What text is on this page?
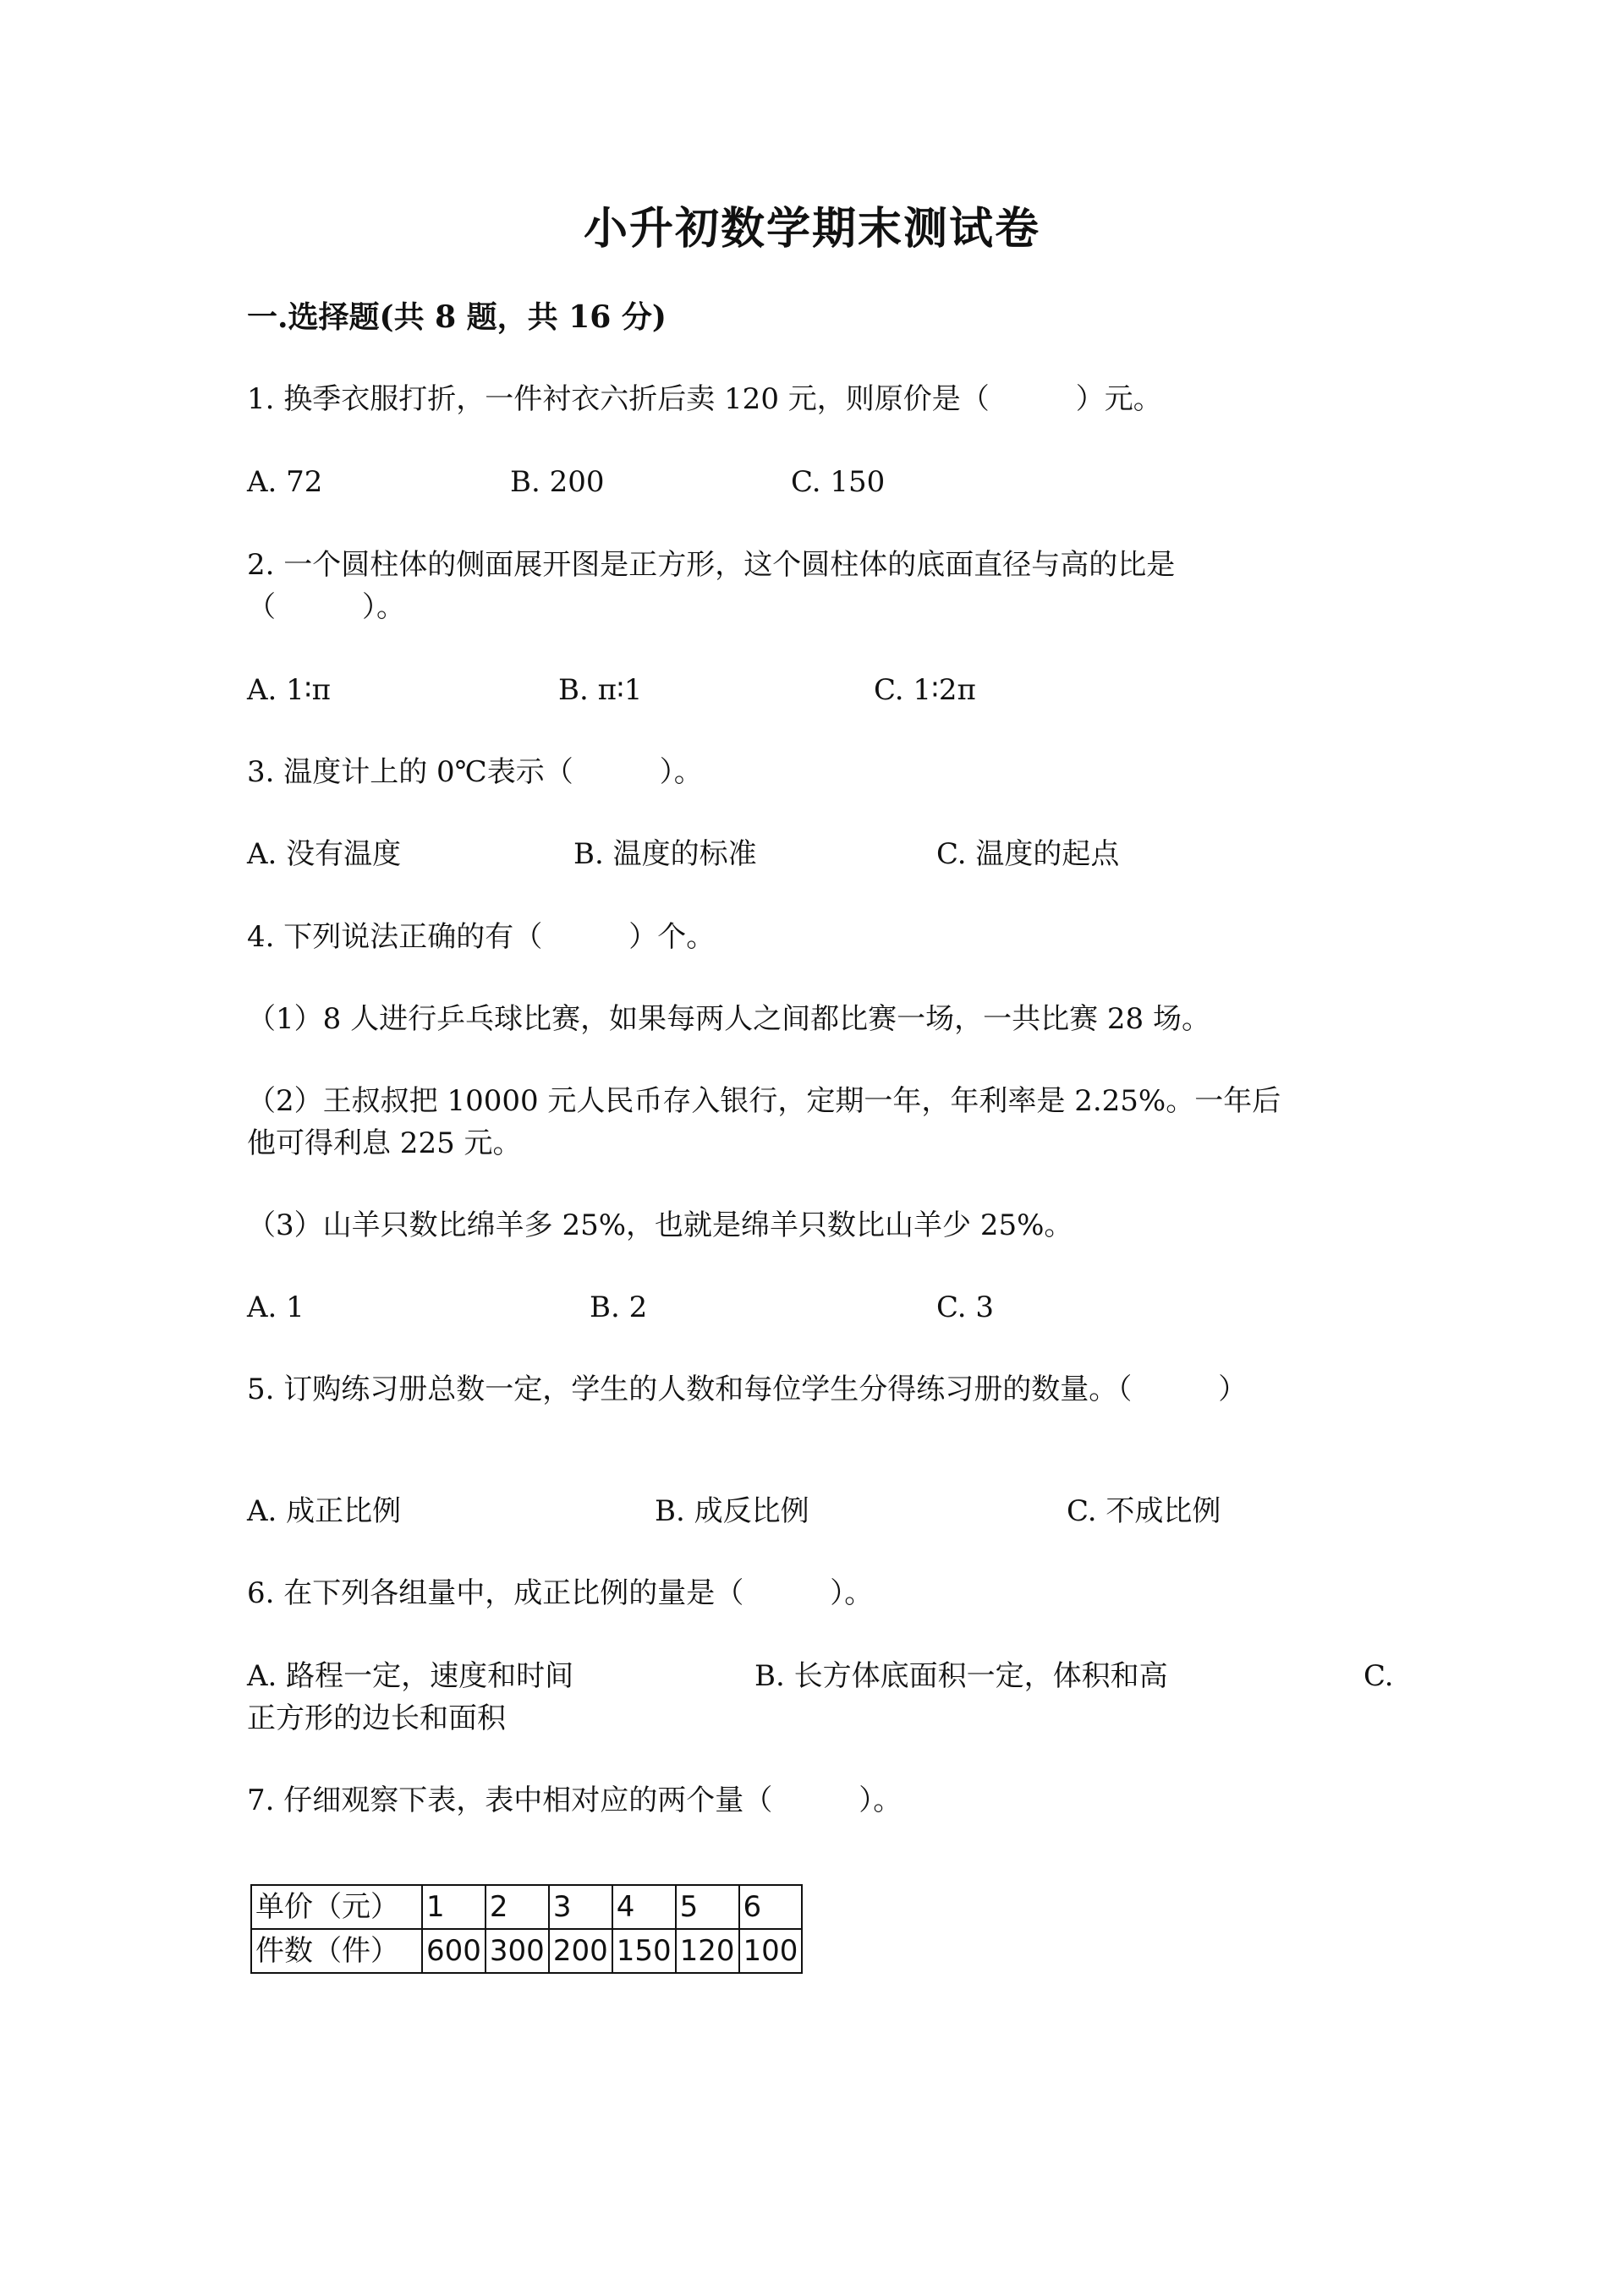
小升初数学期末测试卷
一.选择题(共 8 题，共 16 分)
1. 换季衣服打折，一件衬衣六折后卖 120 元，则原价是（　　　）元。
A. 72	B. 200	C. 150
2. 一个圆柱体的侧面展开图是正方形，这个圆柱体的底面直径与高的比是
（　　　）。
A. 1∶π	B. π∶1	C. 1∶2π
3. 温度计上的 0℃表示（　　　）。
A. 没有温度	B. 温度的标准	C. 温度的起点
4. 下列说法正确的有（　　　）个。
（1）8 人进行乒乓球比赛，如果每两人之间都比赛一场，一共比赛 28 场。
（2）王叔叔把 10000 元人民币存入银行，定期一年，年利率是 2.25%。一年后
他可得利息 225 元。
（3）山羊只数比绵羊多 25%，也就是绵羊只数比山羊少 25%。
A. 1	B. 2	C. 3
5. 订购练习册总数一定，学生的人数和每位学生分得练习册的数量。（　　　）
A. 成正比例	B. 成反比例	C. 不成比例
6. 在下列各组量中，成正比例的量是（　　　）。
A. 路程一定，速度和时间	B. 长方体底面积一定，体积和高	C.
正方形的边长和面积
7. 仔细观察下表，表中相对应的两个量（　　　）。
单价（元）	1	2	3	4	5	6
件数（件）	600	300	200	150	120	100
